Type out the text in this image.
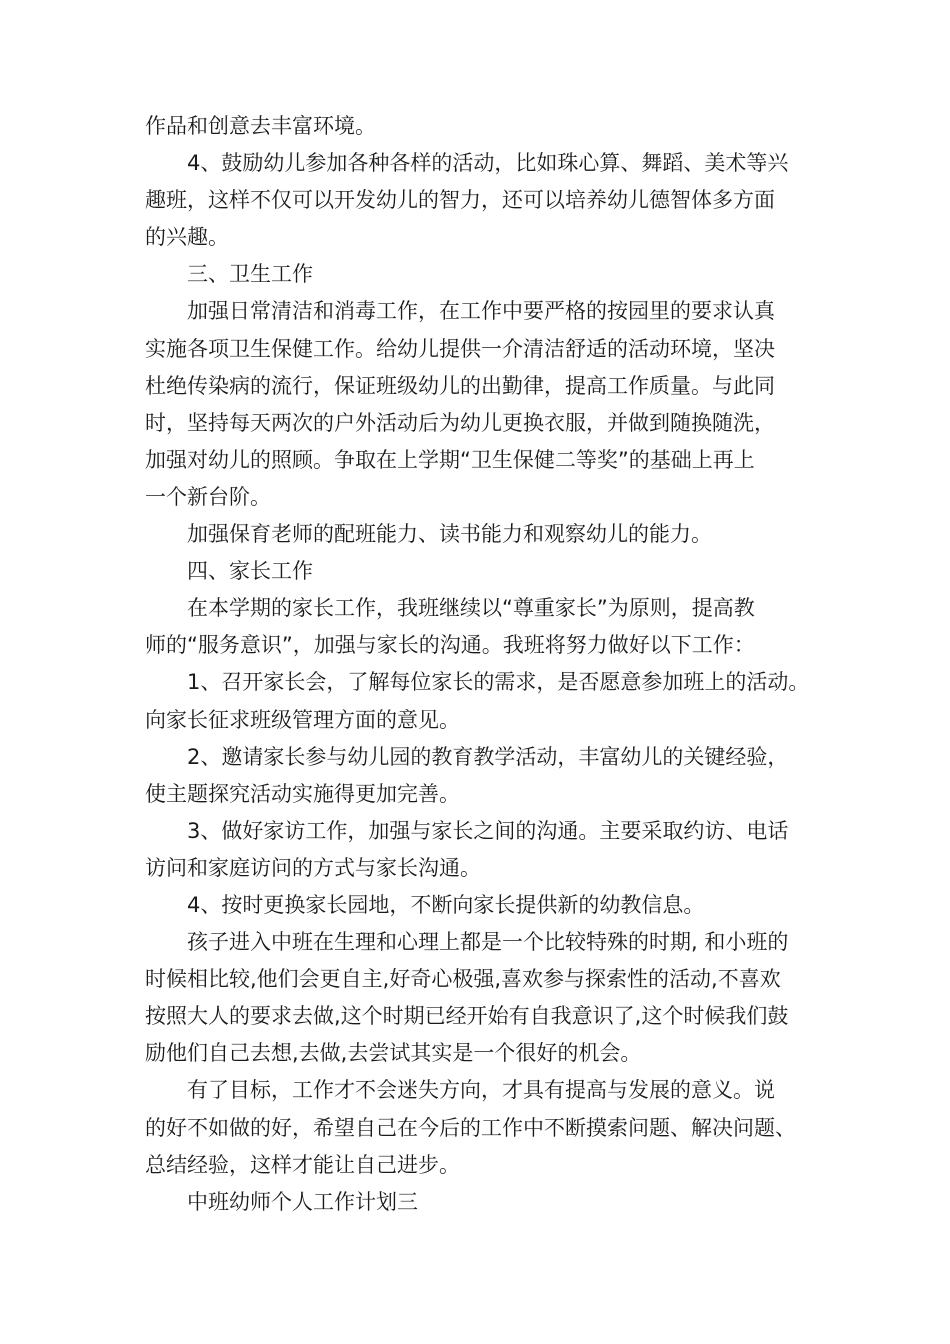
作品和创意去丰富环境。
4、鼓励幼儿参加各种各样的活动，比如珠心算、舞蹈、美术等兴
趣班，这样不仅可以开发幼儿的智力，还可以培养幼儿德智体多方面
的兴趣。
三、卫生工作
加强日常清洁和消毒工作，在工作中要严格的按园里的要求认真
实施各项卫生保健工作。给幼儿提供一介清洁舒适的活动环境，坚决
杜绝传染病的流行，保证班级幼儿的出勤律，提高工作质量。与此同
时，坚持每天两次的户外活动后为幼儿更换衣服，并做到随换随洗，
加强对幼儿的照顾。争取在上学期“卫生保健二等奖”的基础上再上
一个新台阶。
加强保育老师的配班能力、读书能力和观察幼儿的能力。
四、家长工作
在本学期的家长工作，我班继续以“尊重家长”为原则，提高教
师的“服务意识”，加强与家长的沟通。我班将努力做好以下工作：
1、召开家长会，了解每位家长的需求，是否愿意参加班上的活动。
向家长征求班级管理方面的意见。
2、邀请家长参与幼儿园的教育教学活动，丰富幼儿的关键经验，
使主题探究活动实施得更加完善。
3、做好家访工作，加强与家长之间的沟通。主要采取约访、电话
访问和家庭访问的方式与家长沟通。
4、按时更换家长园地，不断向家长提供新的幼教信息。
孩子进入中班在生理和心理上都是一个比较特殊的时期, 和小班的
时候相比较,他们会更自主,好奇心极强,喜欢参与探索性的活动,不喜欢
按照大人的要求去做,这个时期已经开始有自我意识了,这个时候我们鼓
励他们自己去想,去做,去尝试其实是一个很好的机会。
有了目标，工作才不会迷失方向，才具有提高与发展的意义。说
的好不如做的好，希望自己在今后的工作中不断摸索问题、解决问题、
总结经验，这样才能让自己进步。
中班幼师个人工作计划三
